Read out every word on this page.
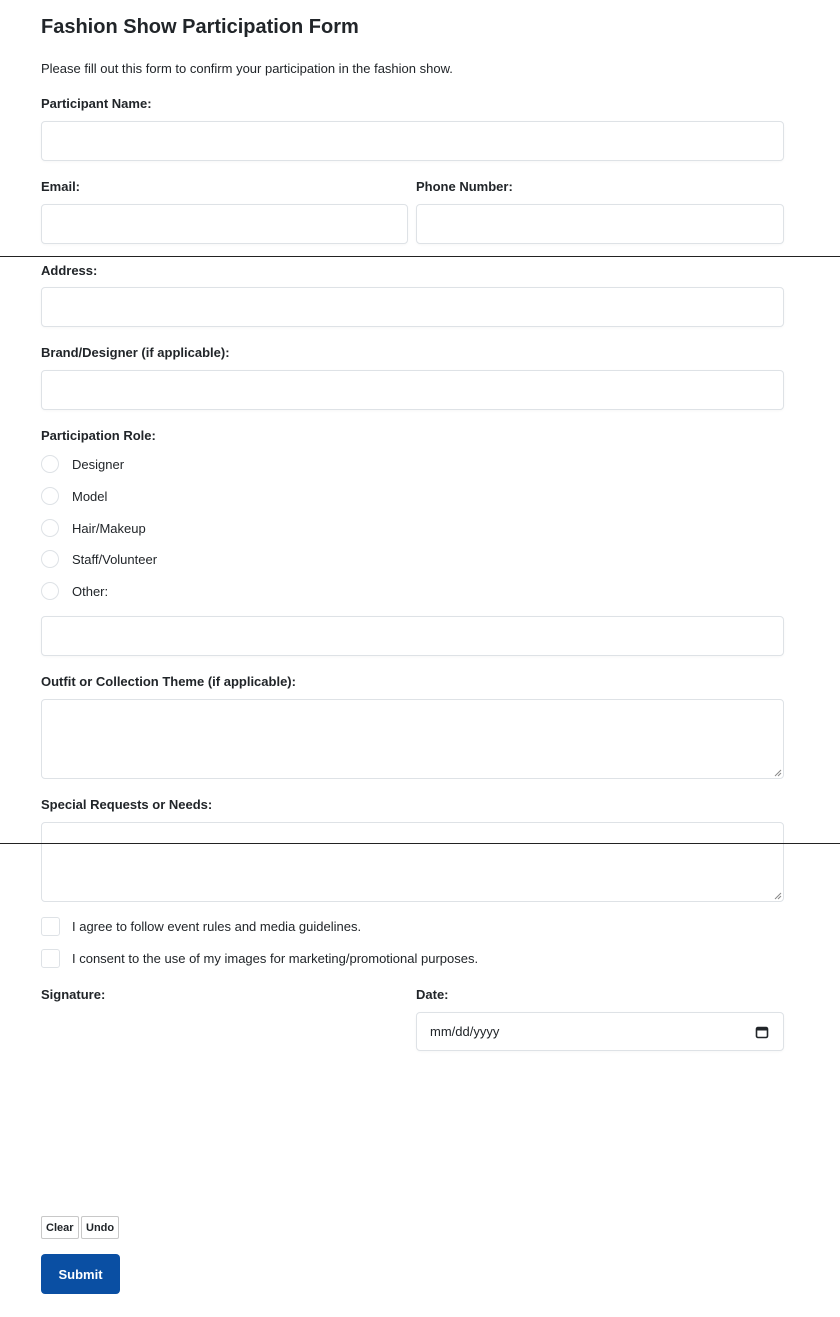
Fashion Show Participation Form
Please fill out this form to confirm your participation in the fashion show.
Participant Name:
Email:	Phone Number:
Address:
Brand/Designer (if applicable):
Participation Role:
Designer
Model
Hair/Makeup
Staff/Volunteer
Other:
Outfit or Collection Theme (if applicable):
Special Requests or Needs:
I agree to follow event rules and media guidelines.
I consent to the use of my images for marketing/promotional purposes.
Signature:	Date:
mm/dd/yyyy
Clear	Undo
Submit
